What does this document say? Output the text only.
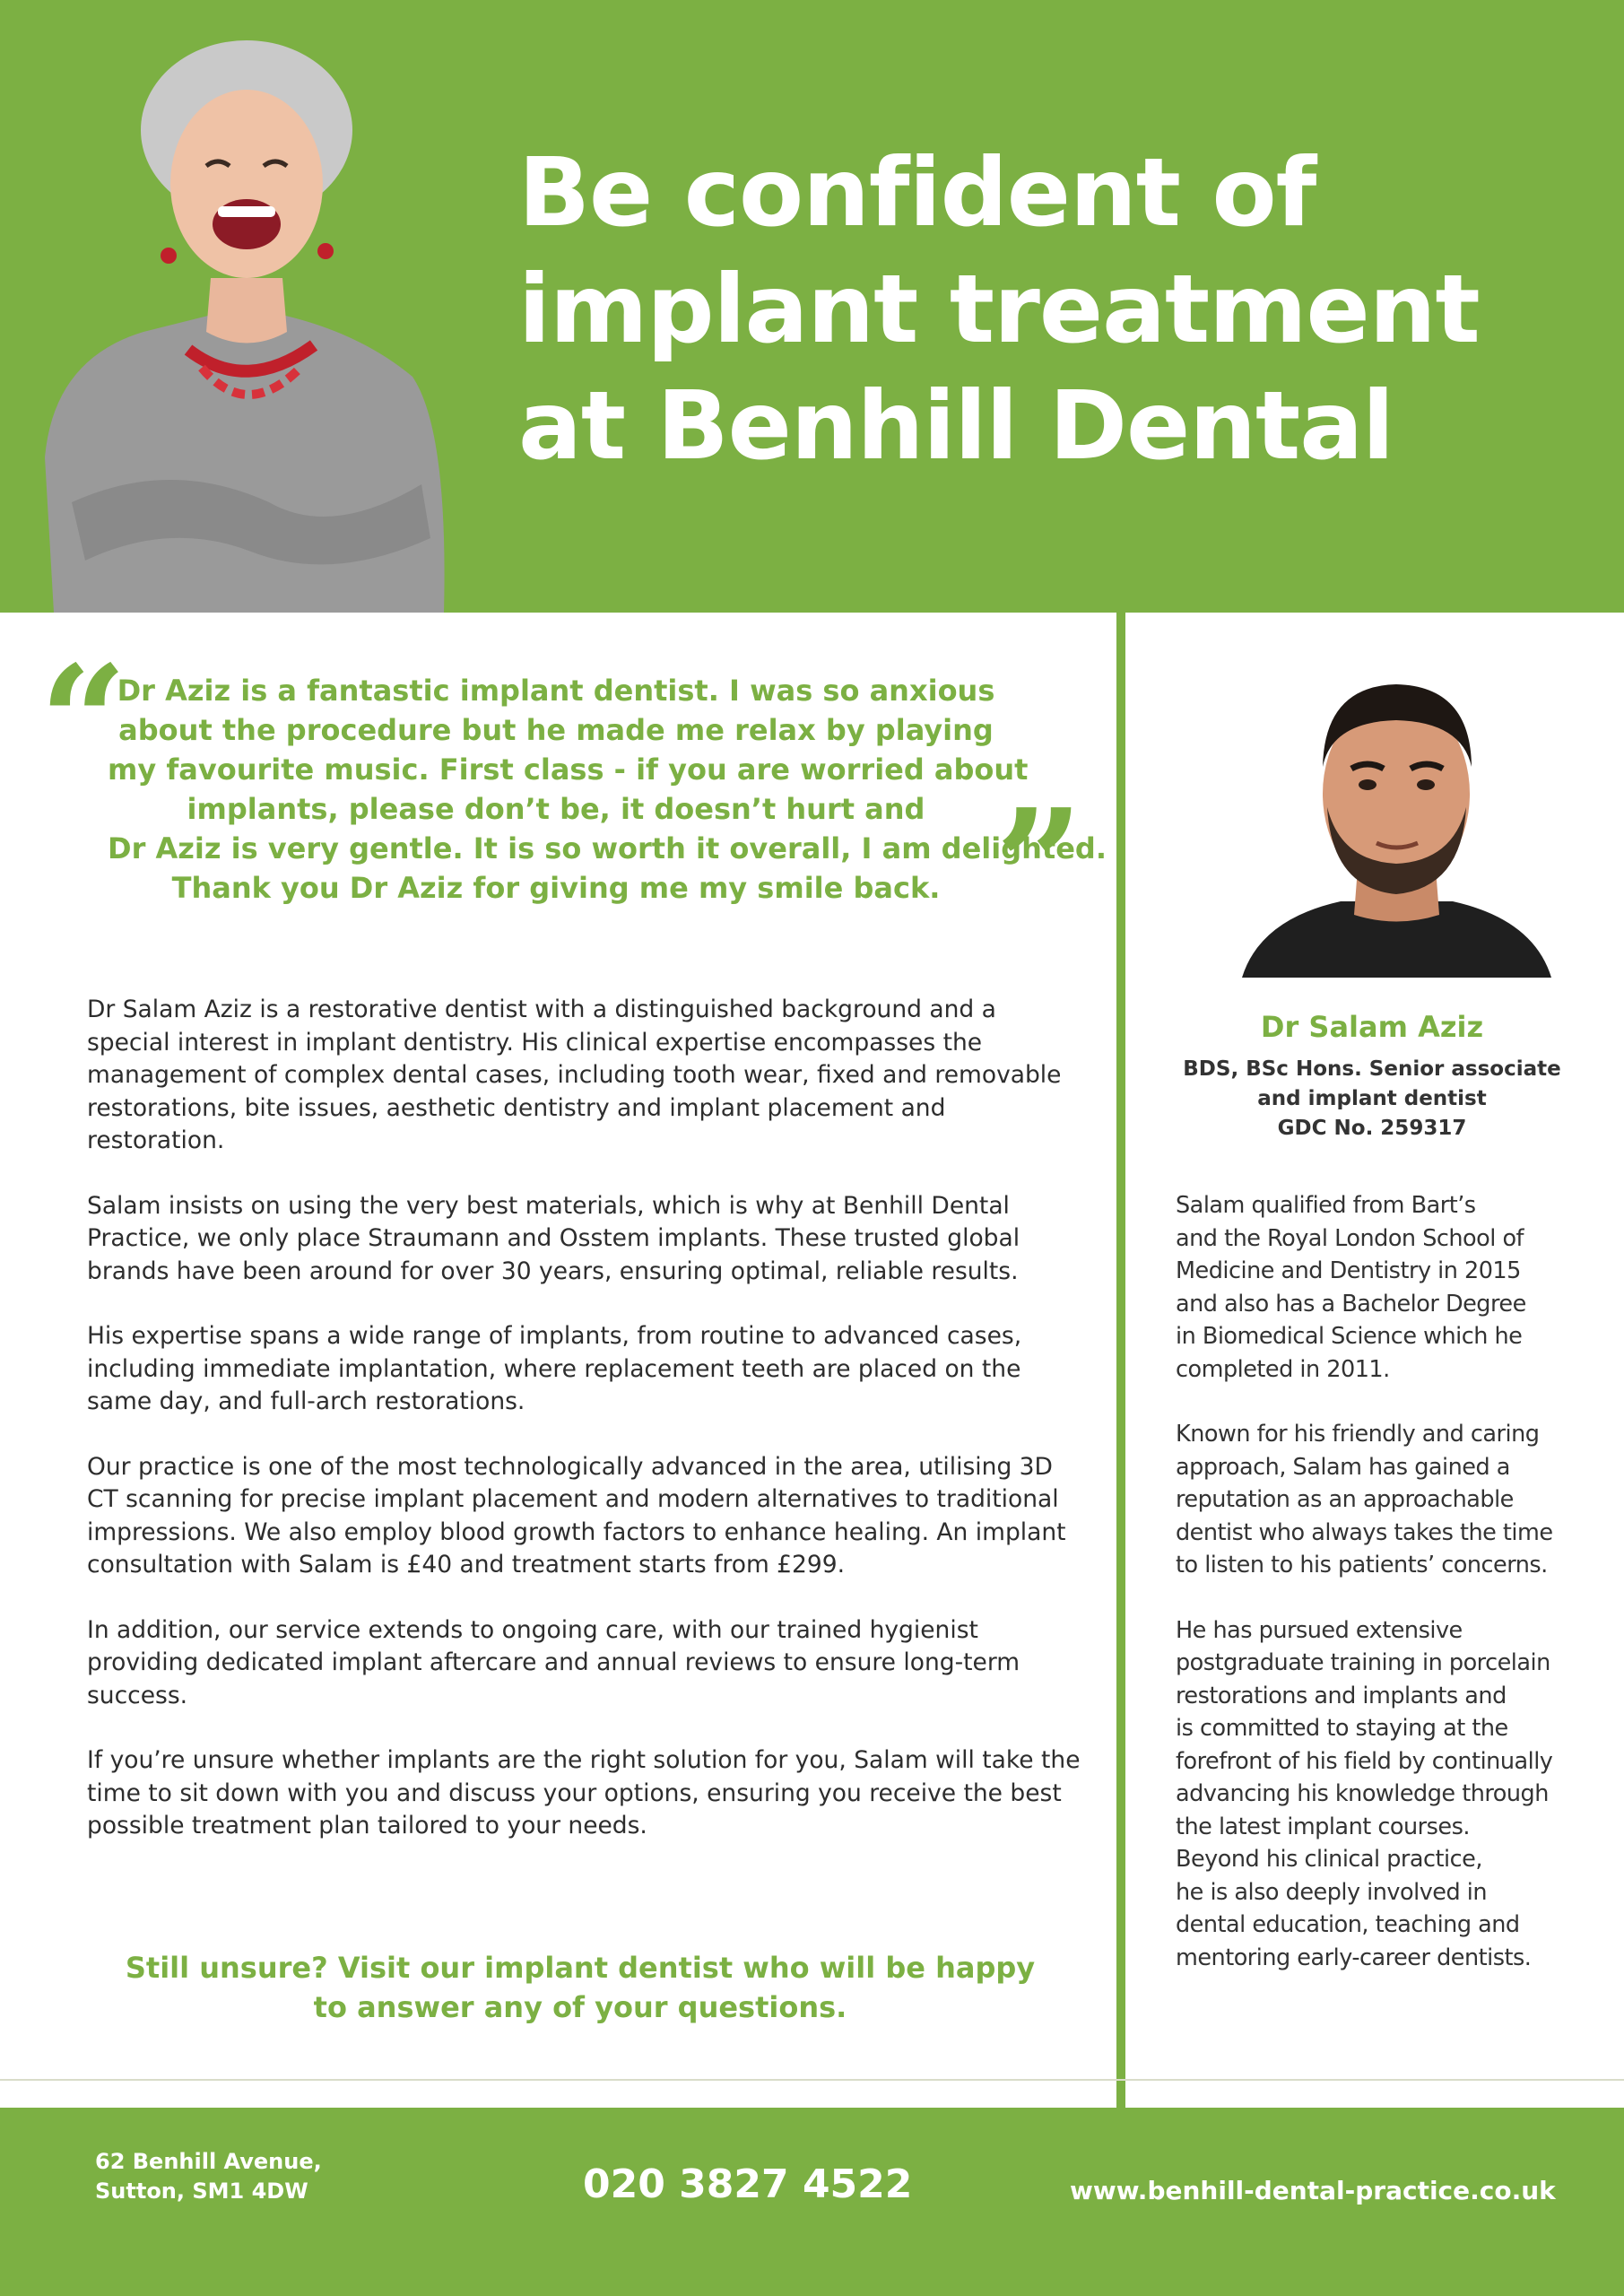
Be confident of
implant treatment
at Benhill Dental
“
Dr Aziz is a fantastic implant dentist. I was so anxious
about the procedure but he made me relax by playing
my favourite music. First class - if you are worried about
implants, please don’t be, it doesn’t hurt and
Dr Aziz is very gentle. It is so worth it overall, I am delighted.
Thank you Dr Aziz for giving me my smile back. ”

Dr Salam Aziz is a restorative dentist with a distinguished background and a special interest in implant dentistry. His clinical expertise encompasses the management of complex dental cases, including tooth wear, fixed and removable restorations, bite issues, aesthetic dentistry and implant placement and restoration.

Salam insists on using the very best materials, which is why at Benhill Dental Practice, we only place Straumann and Osstem implants. These trusted global brands have been around for over 30 years, ensuring optimal, reliable results.

His expertise spans a wide range of implants, from routine to advanced cases, including immediate implantation, where replacement teeth are placed on the same day, and full-arch restorations.

Our practice is one of the most technologically advanced in the area, utilising 3D CT scanning for precise implant placement and modern alternatives to traditional impressions. We also employ blood growth factors to enhance healing. An implant consultation with Salam is £40 and treatment starts from £299.

In addition, our service extends to ongoing care, with our trained hygienist providing dedicated implant aftercare and annual reviews to ensure long-term success.

If you’re unsure whether implants are the right solution for you, Salam will take the time to sit down with you and discuss your options, ensuring you receive the best possible treatment plan tailored to your needs.

Still unsure? Visit our implant dentist who will be happy
to answer any of your questions.
Dr Salam Aziz
BDS, BSc Hons. Senior associate
and implant dentist
GDC No. 259317

Salam qualified from Bart’s
and the Royal London School of
Medicine and Dentistry in 2015
and also has a Bachelor Degree
in Biomedical Science which he
completed in 2011.

Known for his friendly and caring
approach, Salam has gained a
reputation as an approachable
dentist who always takes the time
to listen to his patients’ concerns.

He has pursued extensive
postgraduate training in porcelain
restorations and implants and
is committed to staying at the
forefront of his field by continually
advancing his knowledge through
the latest implant courses.
Beyond his clinical practice,
he is also deeply involved in
dental education, teaching and
mentoring early-career dentists.

62 Benhill Avenue,
Sutton, SM1 4DW	020 3827 4522	www.benhill-dental-practice.co.uk
